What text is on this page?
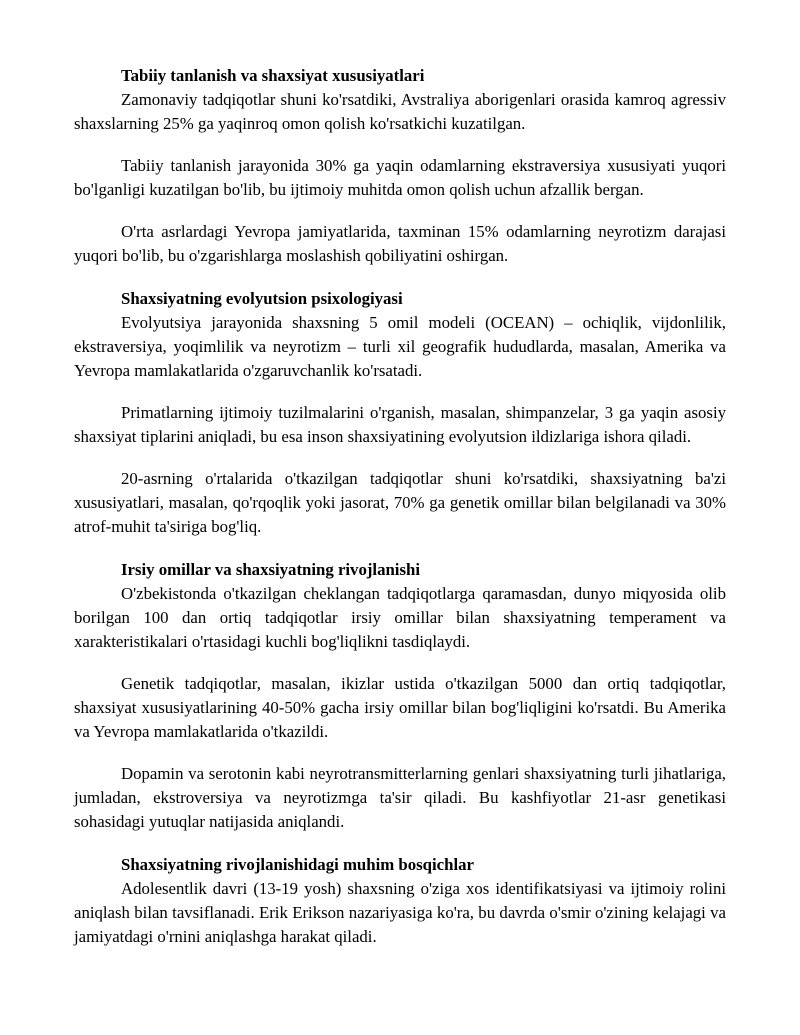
Tabiiy tanlanish va shaxsiyat xususiyatlari

Zamonaviy tadqiqotlar shuni ko'rsatdiki, Avstraliya aborigenlari orasida kamroq agressiv shaxslarning 25% ga yaqinroq omon qolish ko'rsatkichi kuzatilgan.

Tabiiy tanlanish jarayonida 30% ga yaqin odamlarning ekstraversiya xususiyati yuqori bo'lganligi kuzatilgan bo'lib, bu ijtimoiy muhitda omon qolish uchun afzallik bergan.

O'rta asrlardagi Yevropa jamiyatlarida, taxminan 15% odamlarning neyrotizm darajasi yuqori bo'lib, bu o'zgarishlarga moslashish qobiliyatini oshirgan.

Shaxsiyatning evolyutsion psixologiyasi

Evolyutsiya jarayonida shaxsning 5 omil modeli (OCEAN) – ochiqlik, vijdonlilik, ekstraversiya, yoqimlilik va neyrotizm – turli xil geografik hududlarda, masalan, Amerika va Yevropa mamlakatlarida o'zgaruvchanlik ko'rsatadi.

Primatlarning ijtimoiy tuzilmalarini o'rganish, masalan, shimpanzelar, 3 ga yaqin asosiy shaxsiyat tiplarini aniqladi, bu esa inson shaxsiyatining evolyutsion ildizlariga ishora qiladi.

20-asrning o'rtalarida o'tkazilgan tadqiqotlar shuni ko'rsatdiki, shaxsiyatning ba'zi xususiyatlari, masalan, qo'rqoqlik yoki jasorat, 70% ga genetik omillar bilan belgilanadi va 30% atrof-muhit ta'siriga bog'liq.

Irsiy omillar va shaxsiyatning rivojlanishi

O'zbekistonda o'tkazilgan cheklangan tadqiqotlarga qaramasdan, dunyo miqyosida olib borilgan 100 dan ortiq tadqiqotlar irsiy omillar bilan shaxsiyatning temperament va xarakteristikalari o'rtasidagi kuchli bog'liqlikni tasdiqlaydi.

Genetik tadqiqotlar, masalan, ikizlar ustida o'tkazilgan 5000 dan ortiq tadqiqotlar, shaxsiyat xususiyatlarining 40-50% gacha irsiy omillar bilan bog'liqligini ko'rsatdi. Bu Amerika va Yevropa mamlakatlarida o'tkazildi.

Dopamin va serotonin kabi neyrotransmitterlarning genlari shaxsiyatning turli jihatlariga, jumladan, ekstroversiya va neyrotizmga ta'sir qiladi. Bu kashfiyotlar 21-asr genetikasi sohasidagi yutuqlar natijasida aniqlandi.

Shaxsiyatning rivojlanishidagi muhim bosqichlar

Adolesentlik davri (13-19 yosh) shaxsning o'ziga xos identifikatsiyasi va ijtimoiy rolini aniqlash bilan tavsiflanadi. Erik Erikson nazariyasiga ko'ra, bu davrda o'smir o'zining kelajagi va jamiyatdagi o'rnini aniqlashga harakat qiladi.
